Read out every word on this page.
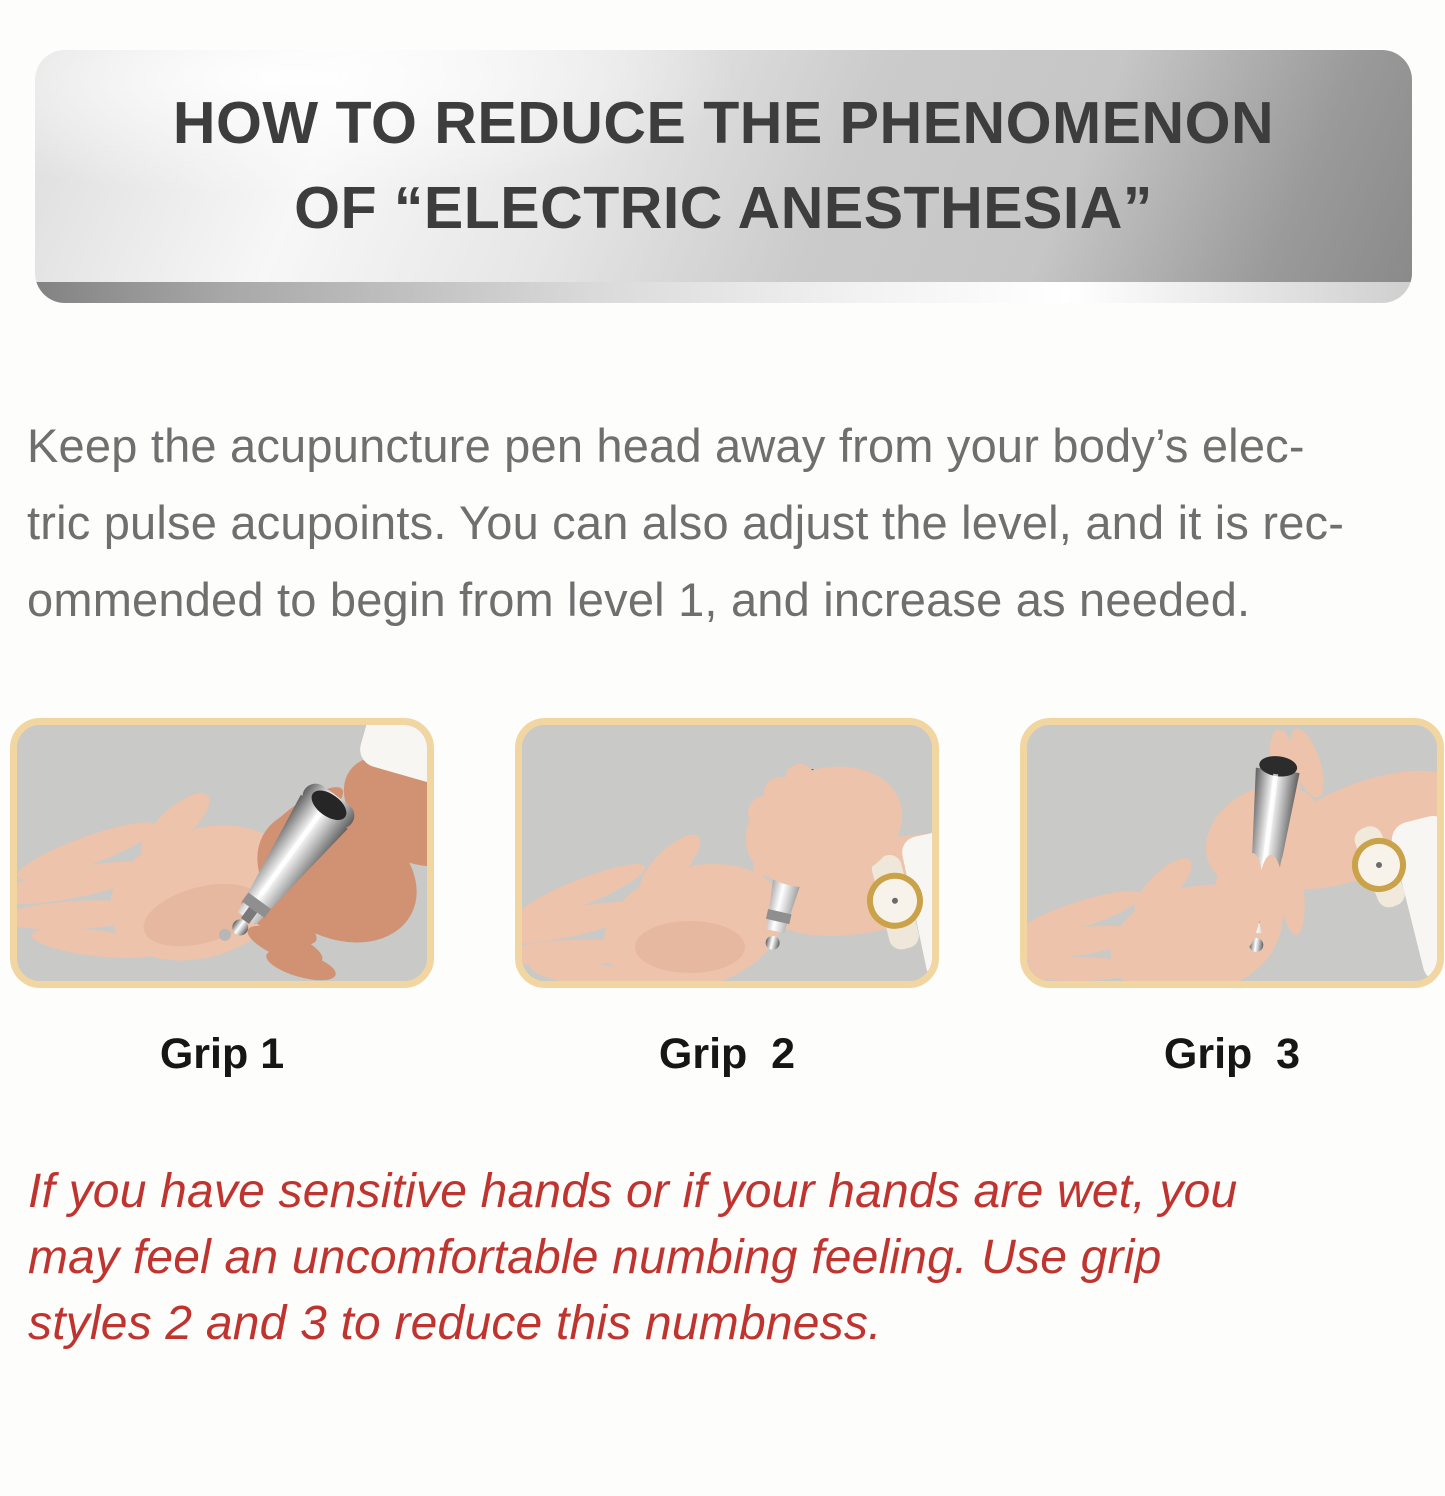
HOW TO REDUCE THE PHENOMENON
OF “ELECTRIC ANESTHESIA”
Keep the acupuncture pen head away from your body’s elec-
tric pulse acupoints. You can also adjust the level, and it is rec-
ommended to begin from level 1, and increase as needed.
Grip 1	Grip  2	Grip  3
If you have sensitive hands or if your hands are wet, you
may feel an uncomfortable numbing feeling. Use grip
styles 2 and 3 to reduce this numbness.
